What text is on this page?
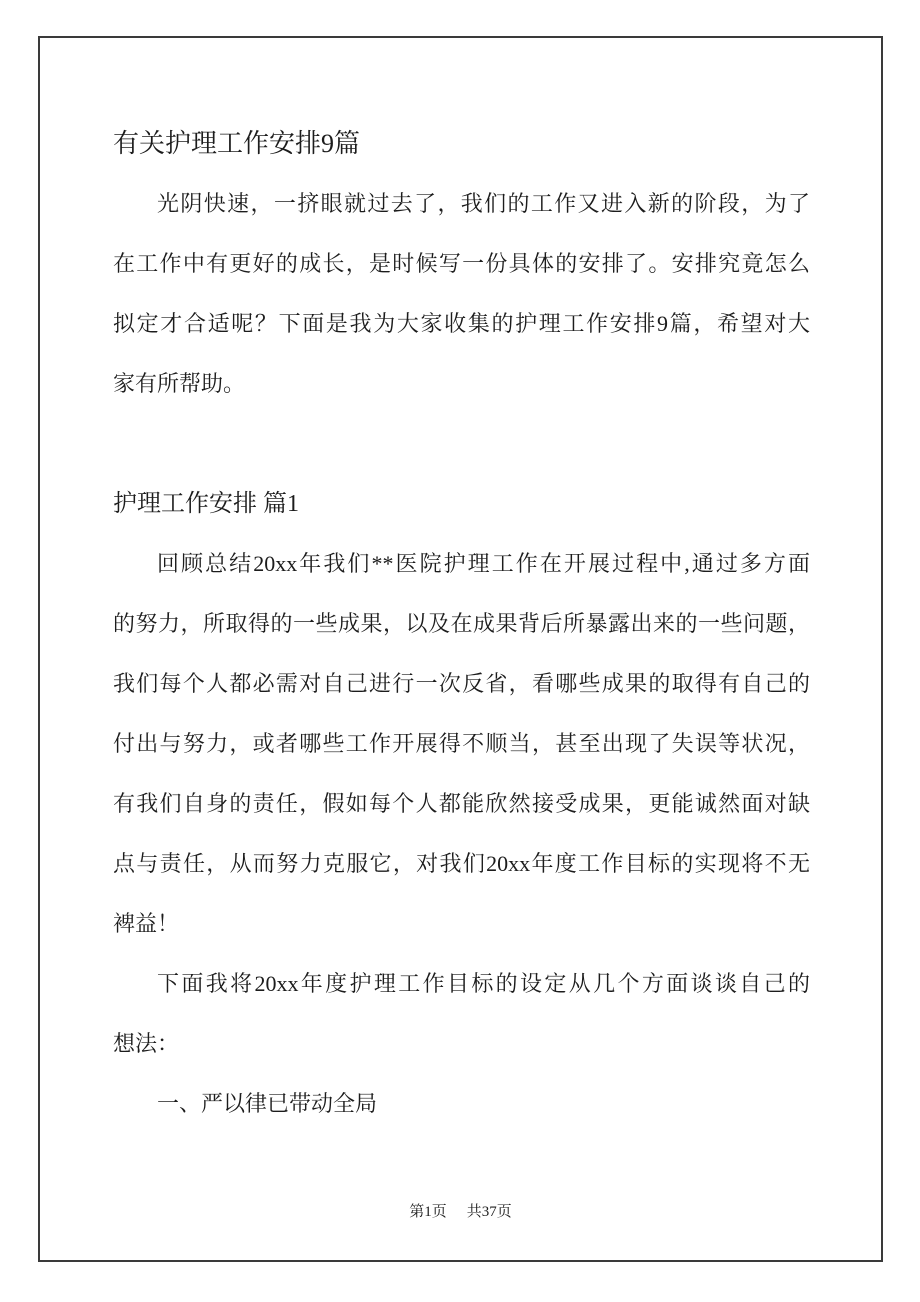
有关护理工作安排9篇
光阴快速，一挤眼就过去了，我们的工作又进入新的阶段，为了
在工作中有更好的成长，是时候写一份具体的安排了。安排究竟怎么
拟定才合适呢？下面是我为大家收集的护理工作安排9篇，希望对大
家有所帮助。
护理工作安排 篇1
回顾总结20xx年我们**医院护理工作在开展过程中,通过多方面
的努力，所取得的一些成果，以及在成果背后所暴露出来的一些问题，
我们每个人都必需对自己进行一次反省，看哪些成果的取得有自己的
付出与努力，或者哪些工作开展得不顺当，甚至出现了失误等状况，
有我们自身的责任，假如每个人都能欣然接受成果，更能诚然面对缺
点与责任，从而努力克服它，对我们20xx年度工作目标的实现将不无
裨益！
下面我将20xx年度护理工作目标的设定从几个方面谈谈自己的
想法：
一、严以律已带动全局
第1页 共37页
